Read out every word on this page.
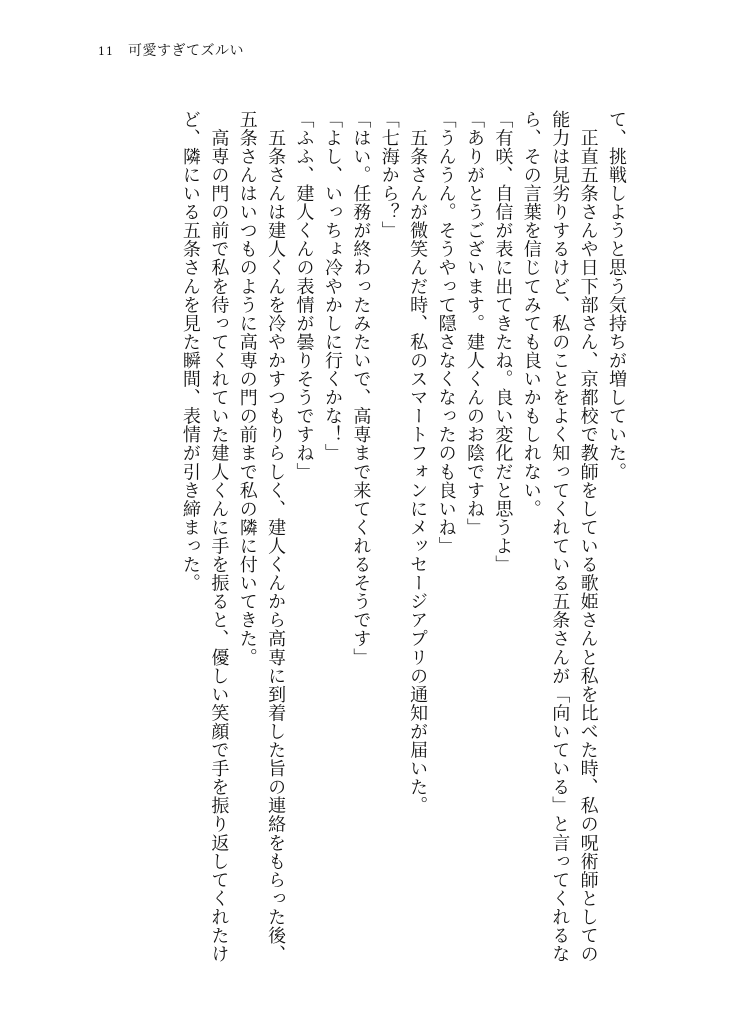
11 可愛すぎてズルい

て、挑戦しようと思う気持ちが増していた。

　正直五条さんや日下部さん、京都校で教師をしている歌姫さんと私を比べた時、私の呪術師としての能力は見劣りするけど、私のことをよく知ってくれている五条さんが「向いている」と言ってくれるなら、その言葉を信じてみても良いかもしれない。

「有咲、自信が表に出てきたね。良い変化だと思うよ」

「ありがとうございます。建人くんのお陰ですね」

「うんうん。そうやって隠さなくなったのも良いね」

　五条さんが微笑んだ時、私のスマートフォンにメッセージアプリの通知が届いた。

「七海から？」

「はい。任務が終わったみたいで、高専まで来てくれるそうです」

「よし、いっちょ冷やかしに行くかな！」

「ふふ、建人くんの表情が曇りそうですね」

　五条さんは建人くんを冷やかすつもりらしく、建人くんから高専に到着した旨の連絡をもらった後、五条さんはいつものように高専の門の前まで私の隣に付いてきた。

　高専の門の前で私を待ってくれていた建人くんに手を振ると、優しい笑顔で手を振り返してくれたけど、隣にいる五条さんを見た瞬間、表情が引き締まった。
